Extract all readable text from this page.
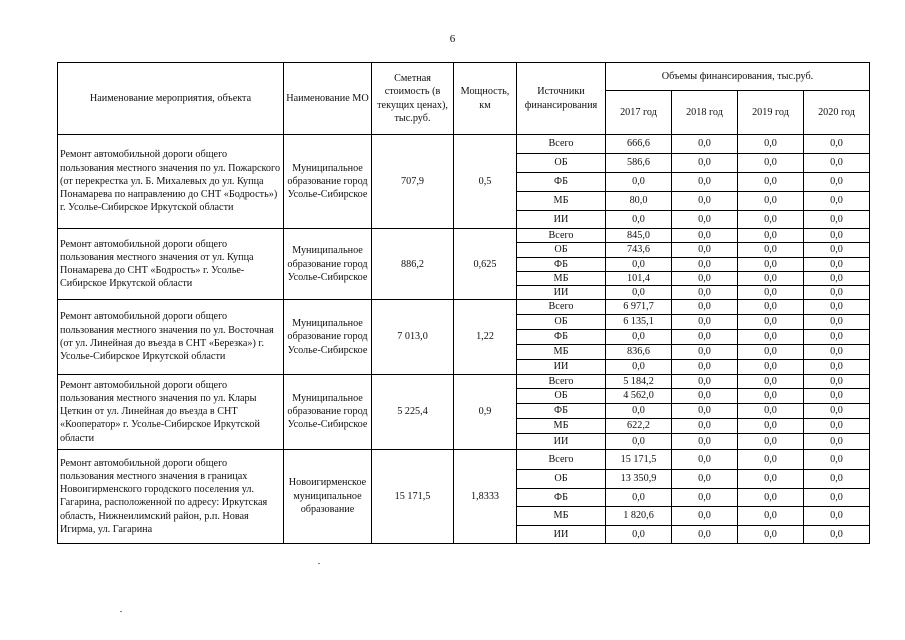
6
Наименование мероприятия, объекта	Наименование МО	Сметная стоимость (в текущих ценах), тыс.руб.	Мощность, км	Источники финансирования	Объемы финансирования, тыс.руб.			
					2017 год	2018 год	2019 год	2020 год
Ремонт автомобильной дороги общего пользования местного значения по ул. Пожарского (от перекрестка ул. Б. Михалевых до ул. Купца Понамарева по направлению до СНТ «Бодрость») г. Усолье-Сибирское Иркутской области	Муниципальное образование город Усолье-Сибирское	707,9	0,5	Всего	666,6	0,0	0,0	0,0
				ОБ	586,6	0,0	0,0	0,0
				ФБ	0,0	0,0	0,0	0,0
				МБ	80,0	0,0	0,0	0,0
				ИИ	0,0	0,0	0,0	0,0
Ремонт автомобильной дороги общего пользования местного значения от ул. Купца Понамарева до СНТ «Бодрость» г. Усолье-Сибирское Иркутской области	Муниципальное образование город Усолье-Сибирское	886,2	0,625	Всего	845,0	0,0	0,0	0,0
				ОБ	743,6	0,0	0,0	0,0
				ФБ	0,0	0,0	0,0	0,0
				МБ	101,4	0,0	0,0	0,0
				ИИ	0,0	0,0	0,0	0,0
Ремонт автомобильной дороги общего пользования местного значения по ул. Восточная (от ул. Линейная до въезда в СНТ «Березка») г. Усолье-Сибирское Иркутской области	Муниципальное образование город Усолье-Сибирское	7 013,0	1,22	Всего	6 971,7	0,0	0,0	0,0
				ОБ	6 135,1	0,0	0,0	0,0
				ФБ	0,0	0,0	0,0	0,0
				МБ	836,6	0,0	0,0	0,0
				ИИ	0,0	0,0	0,0	0,0
Ремонт автомобильной дороги общего пользования местного значения по ул. Клары Цеткин от ул. Линейная до въезда в СНТ «Кооператор» г. Усолье-Сибирское Иркутской области	Муниципальное образование город Усолье-Сибирское	5 225,4	0,9	Всего	5 184,2	0,0	0,0	0,0
				ОБ	4 562,0	0,0	0,0	0,0
				ФБ	0,0	0,0	0,0	0,0
				МБ	622,2	0,0	0,0	0,0
				ИИ	0,0	0,0	0,0	0,0
Ремонт автомобильной дороги общего пользования местного значения в границах Новоигирменского городского поселения ул. Гагарина, расположенной по адресу: Иркутская область, Нижнеилимский район, р.п. Новая Игирма, ул. Гагарина	Новоигирменское муниципальное образование	15 171,5	1,8333	Всего	15 171,5	0,0	0,0	0,0
				ОБ	13 350,9	0,0	0,0	0,0
				ФБ	0,0	0,0	0,0	0,0
				МБ	1 820,6	0,0	0,0	0,0
				ИИ	0,0	0,0	0,0	0,0
